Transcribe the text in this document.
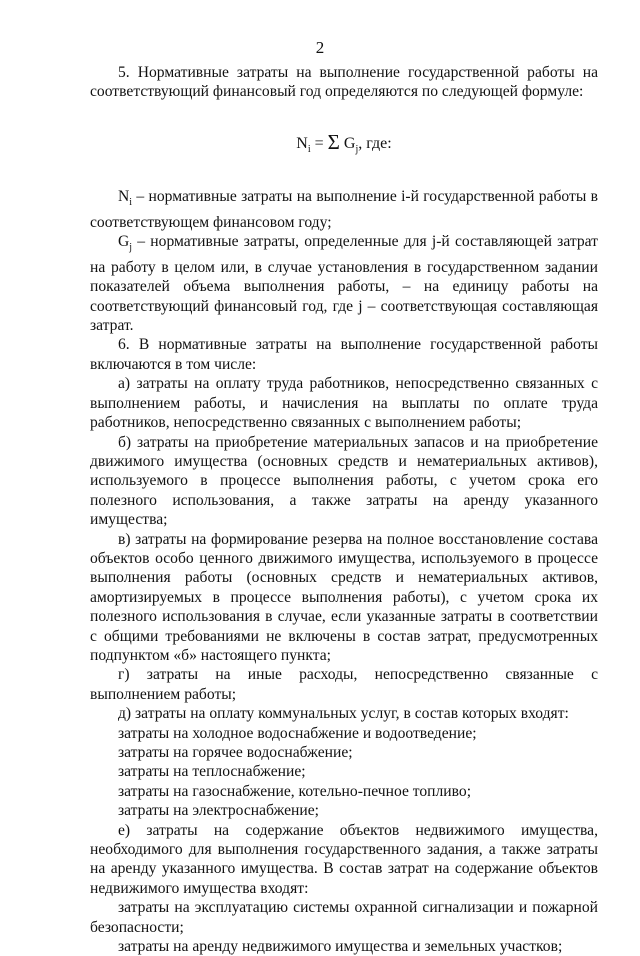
2

5. Нормативные затраты на выполнение государственной работы на соответствующий финансовый год определяются по следующей формуле:

$N_i = \Sigma$ $G_j$, где:

$N_i$ – нормативные затраты на выполнение i-й государственной работы в соответствующем финансовом году;

$G_j$ – нормативные затраты, определенные для j-й составляющей затрат на работу в целом или, в случае установления в государственном задании показателей объема выполнения работы, – на единицу работы на соответствующий финансовый год, где j – соответствующая составляющая затрат.

6. В нормативные затраты на выполнение государственной работы включаются в том числе:

а) затраты на оплату труда работников, непосредственно связанных с выполнением работы, и начисления на выплаты по оплате труда работников, непосредственно связанных с выполнением работы;

б) затраты на приобретение материальных запасов и на приобретение движимого имущества (основных средств и нематериальных активов), используемого в процессе выполнения работы, с учетом срока его полезного использования, а также затраты на аренду указанного имущества;

в) затраты на формирование резерва на полное восстановление состава объектов особо ценного движимого имущества, используемого в процессе выполнения работы (основных средств и нематериальных активов, амортизируемых в процессе выполнения работы), с учетом срока их полезного использования в случае, если указанные затраты в соответствии с общими требованиями не включены в состав затрат, предусмотренных подпунктом «б» настоящего пункта;

г) затраты на иные расходы, непосредственно связанные с выполнением работы;

д) затраты на оплату коммунальных услуг, в состав которых входят:

затраты на холодное водоснабжение и водоотведение;

затраты на горячее водоснабжение;

затраты на теплоснабжение;

затраты на газоснабжение, котельно-печное топливо;

затраты на электроснабжение;

е) затраты на содержание объектов недвижимого имущества, необходимого для выполнения государственного задания, а также затраты на аренду указанного имущества. В состав затрат на содержание объектов недвижимого имущества входят:

затраты на эксплуатацию системы охранной сигнализации и пожарной безопасности;

затраты на аренду недвижимого имущества и земельных участков;
